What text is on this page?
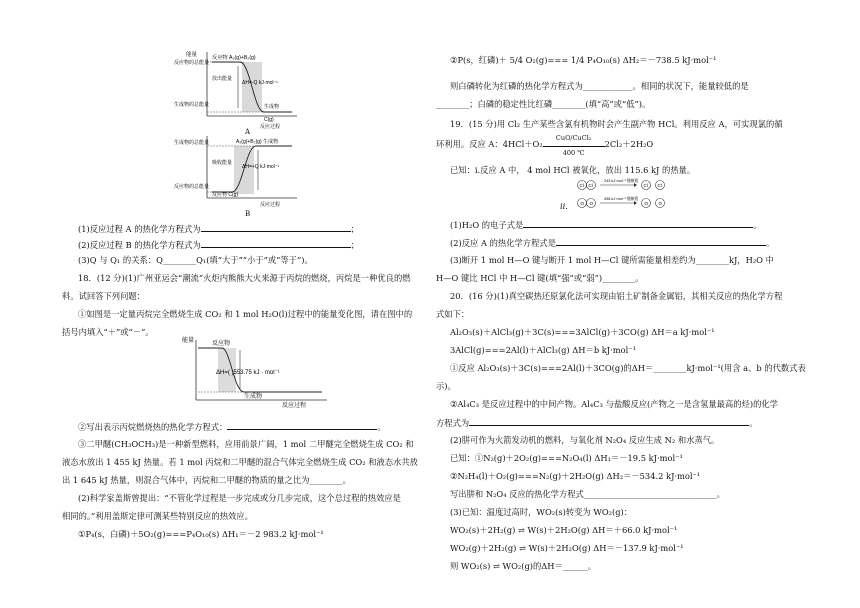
能量
反应物的总能量
反应物 A₂(g)+B₂(g)
放出能量
ΔH=-Q kJ·mol⁻¹
生成物的总能量	生成物
C(g)
反应过程
A
生成物的总能量	A₂(g)+B₂(g) 生成物
吸收能量
ΔH=+Q kJ·mol⁻¹
反应物的总能量
反应物 C(g)
反应过程
B
(1)反应过程 A 的热化学方程式为	；
(2)反应过程 B 的热化学方程式为	；
(3)Q 与 Q₁ 的关系：Q________Q₁(填“大于”“小于”或“等于”)。
18．(12 分)(1)广州亚运会“潮流”火炬内熊熊大火来源于丙烷的燃烧，丙烷是一种优良的燃
料。试回答下列问题：
①如图是一定量丙烷完全燃烧生成 CO₂ 和 1 mol H₂O(l)过程中的能量变化图，请在图中的
括号内填入“＋”或“－”。
能量	反应物
ΔH=( )553.75 kJ · mol⁻¹
生成物
反应过程
②写出表示丙烷燃烧热的热化学方程式：	。
③二甲醚(CH₃OCH₃)是一种新型燃料，应用前景广阔，1 mol 二甲醚完全燃烧生成 CO₂ 和
液态水放出 1 455 kJ 热量。若 1 mol 丙烷和二甲醚的混合气体完全燃烧生成 CO₂ 和液态水共放
出 1 645 kJ 热量，则混合气体中，丙烷和二甲醚的物质的量之比为________。
(2)科学家盖斯曾提出：“不管化学过程是一步完成或分几步完成，这个总过程的热效应是
相同的。”利用盖斯定律可测某些特别反应的热效应。
①P₄(s，白磷)＋5O₂(g)===P₄O₁₀(s) ΔH₁＝－2 983.2 kJ·mol⁻¹
②P(s，红磷)＋ 5/4 O₂(g)=== 1/4 P₄O₁₀(s) ΔH₂＝－738.5 kJ·mol⁻¹
则白磷转化为红磷的热化学方程式为____________。相同的状况下，能量较低的是
________；白磷的稳定性比红磷________(填“高”或“低”)。
19．(15 分)用 Cl₂ 生产某些含氯有机物时会产生副产物 HCl。利用反应 A，可实现氯的循
环利用。反应 A：4HCl＋O₂
CuO/CuCl₂
400 ℃
2Cl₂＋2H₂O
已知：i.反应 A 中， 4 mol HCl 被氧化，放出 115.6 kJ 的热量。
Cl Cl
243 kJ·mol⁻¹ 键断裂
Cl Cl
O O
498 kJ·mol⁻¹ 键断裂
O O
ii.
(1)H₂O 的电子式是	。
(2)反应 A 的热化学方程式是	。
(3)断开 1 mol H—O 键与断开 1 mol H—Cl 键所需能量相差约为________kJ，H₂O 中
H—O 键比 HCl 中 H—Cl 键(填“强”或“弱”)________。
20．(16 分)(1)真空碳热还原氯化法可实现由铝土矿制备金属铝，其相关反应的热化学方程
式如下：
Al₂O₃(s)＋AlCl₃(g)＋3C(s)===3AlCl(g)＋3CO(g) ΔH＝a kJ·mol⁻¹
3AlCl(g)===2Al(l)＋AlCl₃(g) ΔH＝b kJ·mol⁻¹
①反应 Al₂O₃(s)＋3C(s)===2Al(l)＋3CO(g)的ΔH＝________kJ·mol⁻¹(用含 a、b 的代数式表
示)。
②Al₄C₃ 是反应过程中的中间产物。Al₄C₃ 与盐酸反应(产物之一是含氢量最高的烃)的化学
方程式为	。
(2)肼可作为火箭发动机的燃料，与氧化剂 N₂O₄ 反应生成 N₂ 和水蒸气。
已知：①N₂(g)＋2O₂(g)===N₂O₄(l) ΔH₁＝－19.5 kJ·mol⁻¹
②N₂H₄(l)＋O₂(g)===N₂(g)＋2H₂O(g) ΔH₂＝－534.2 kJ·mol⁻¹
写出肼和 N₂O₄ 反应的热化学方程式________________________________。
(3)已知：温度过高时，WO₂(s)转变为 WO₂(g)：
WO₂(s)＋2H₂(g) ⇌ W(s)＋2H₂O(g) ΔH＝＋66.0 kJ·mol⁻¹
WO₂(g)＋2H₂(g) ⇌ W(s)＋2H₂O(g) ΔH＝－137.9 kJ·mol⁻¹
则 WO₂(s) ⇌ WO₂(g)的ΔH＝______。
